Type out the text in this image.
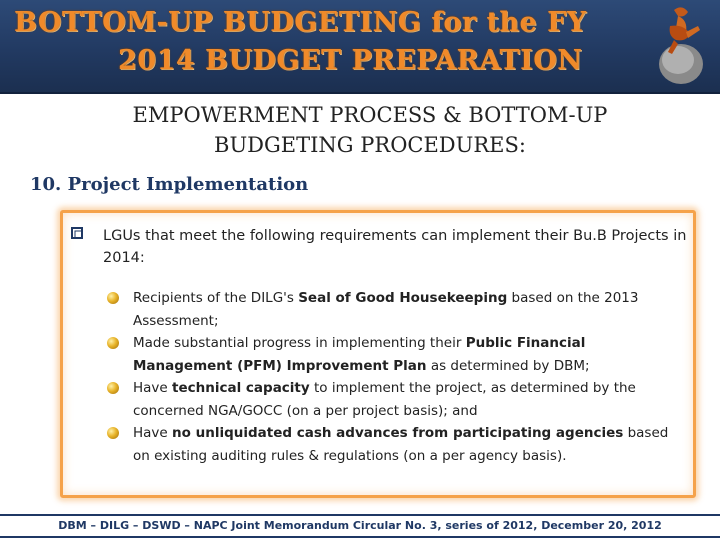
BOTTOM-UP BUDGETING for the FY
2014 BUDGET PREPARATION
EMPOWERMENT PROCESS & BOTTOM-UP
BUDGETING PROCEDURES:
10. Project Implementation
LGUs that meet the following requirements can implement their Bu.B Projects in 2014:
Recipients of the DILG's Seal of Good Housekeeping based on the 2013 Assessment;
Made substantial progress in implementing their Public Financial Management (PFM) Improvement Plan as determined by DBM;
Have technical capacity to implement the project, as determined by the concerned NGA/GOCC (on a per project basis); and
Have no unliquidated cash advances from participating agencies based on existing auditing rules & regulations (on a per agency basis).
DBM – DILG – DSWD – NAPC Joint Memorandum Circular No. 3, series of 2012, December 20, 2012
